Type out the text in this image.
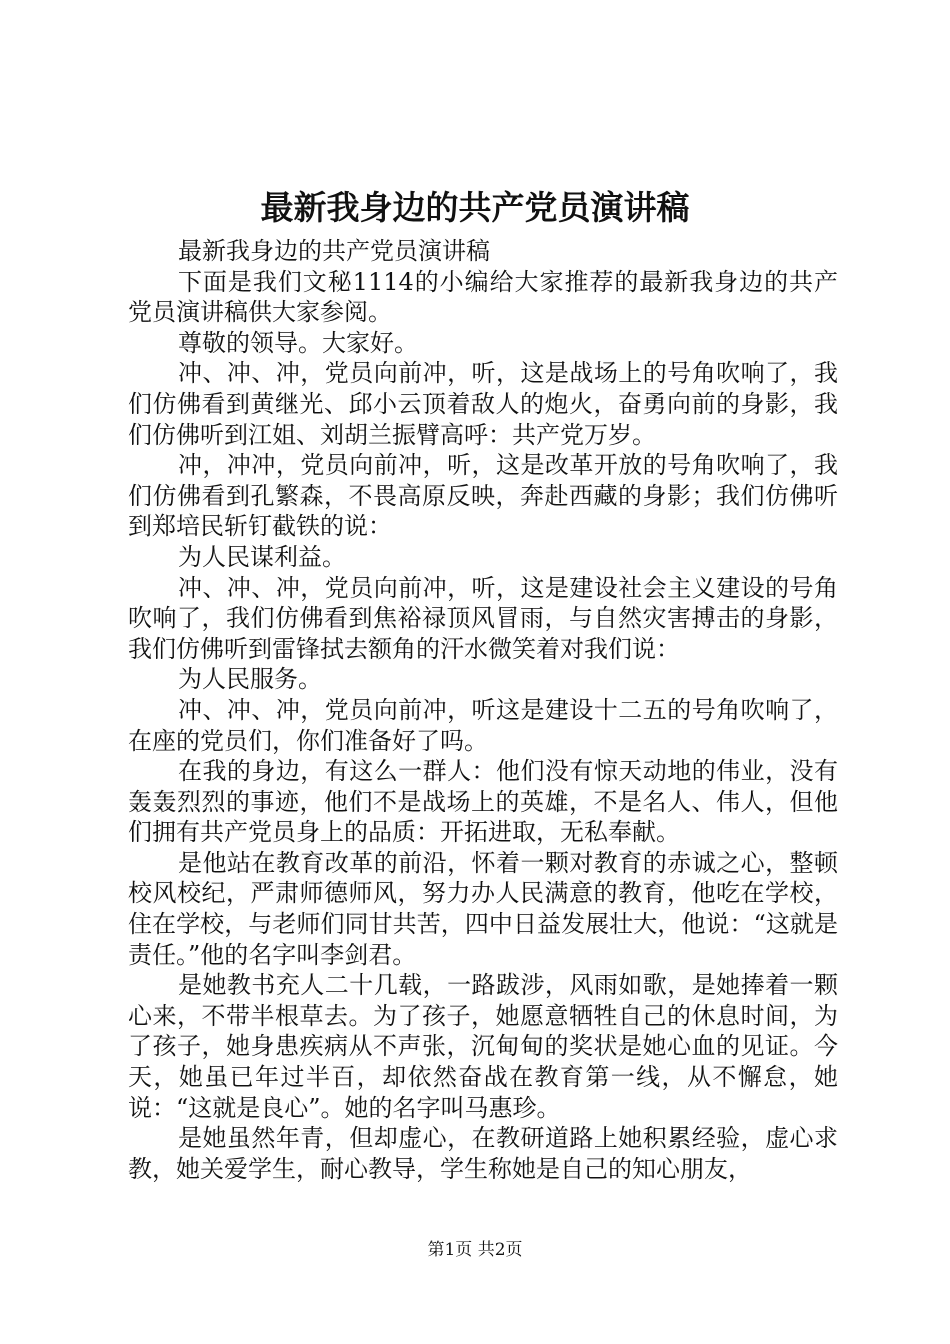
最新我身边的共产党员演讲稿

最新我身边的共产党员演讲稿

下面是我们文秘1114的小编给大家推荐的最新我身边的共产党员演讲稿供大家参阅。

尊敬的领导。大家好。

冲、冲、冲，党员向前冲，听，这是战场上的号角吹响了，我们仿佛看到黄继光、邱小云顶着敌人的炮火，奋勇向前的身影，我们仿佛听到江姐、刘胡兰振臂高呼：共产党万岁。

冲，冲冲，党员向前冲，听，这是改革开放的号角吹响了，我们仿佛看到孔繁森，不畏高原反映，奔赴西藏的身影；我们仿佛听到郑培民斩钉截铁的说：

为人民谋利益。

冲、冲、冲，党员向前冲，听，这是建设社会主义建设的号角吹响了，我们仿佛看到焦裕禄顶风冒雨，与自然灾害搏击的身影，我们仿佛听到雷锋拭去额角的汗水微笑着对我们说：

为人民服务。

冲、冲、冲，党员向前冲，听这是建设十二五的号角吹响了，在座的党员们，你们准备好了吗。

在我的身边，有这么一群人：他们没有惊天动地的伟业，没有轰轰烈烈的事迹，他们不是战场上的英雄，不是名人、伟人，但他们拥有共产党员身上的品质：开拓进取，无私奉献。

是他站在教育改革的前沿，怀着一颗对教育的赤诚之心，整顿校风校纪，严肃师德师风，努力办人民满意的教育，他吃在学校，住在学校，与老师们同甘共苦，四中日益发展壮大，他说：“这就是责任。”他的名字叫李剑君。

是她教书充人二十几载，一路跋涉，风雨如歌，是她捧着一颗心来，不带半根草去。为了孩子，她愿意牺牲自己的休息时间，为了孩子，她身患疾病从不声张，沉甸甸的奖状是她心血的见证。今天，她虽已年过半百，却依然奋战在教育第一线，从不懈怠，她说：“这就是良心”。她的名字叫马惠珍。

是她虽然年青，但却虚心，在教研道路上她积累经验，虚心求教，她关爱学生，耐心教导，学生称她是自己的知心朋友，

第1页 共2页
